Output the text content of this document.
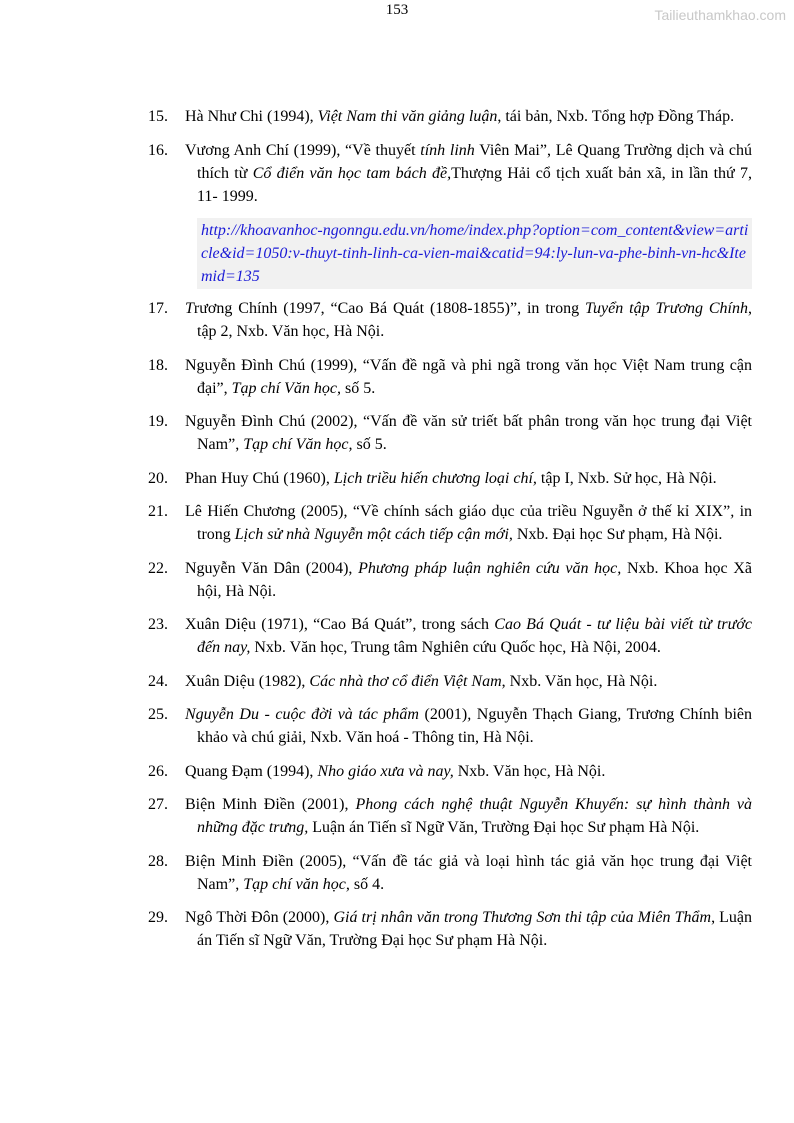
153	Tailieuthamkhao.com
15. Hà Như Chi (1994), Việt Nam thi văn giảng luận, tái bản, Nxb. Tổng hợp Đồng Tháp.
16. Vương Anh Chí (1999), “Về thuyết tính linh Viên Mai”, Lê Quang Trường dịch và chú thích từ Cổ điển văn học tam bách đề,Thượng Hải cổ tịch xuất bản xã, in lần thứ 7, 11- 1999.
http://khoavanhoc-ngonngu.edu.vn/home/index.php?option=com_content&view=article&id=1050:v-thuyt-tinh-linh-ca-vien-mai&catid=94:ly-lun-va-phe-binh-vn-hc&Itemid=135
17. Trương Chính (1997, “Cao Bá Quát (1808-1855)”, in trong Tuyển tập Trương Chính, tập 2, Nxb. Văn học, Hà Nội.
18. Nguyễn Đình Chú (1999), “Vấn đề ngã và phi ngã trong văn học Việt Nam trung cận đại”, Tạp chí Văn học, số 5.
19. Nguyễn Đình Chú (2002), “Vấn đề văn sử triết bất phân trong văn học trung đại Việt Nam”, Tạp chí Văn học, số 5.
20. Phan Huy Chú (1960), Lịch triều hiến chương loại chí, tập I, Nxb. Sử học, Hà Nội.
21. Lê Hiến Chương (2005), “Về chính sách giáo dục của triều Nguyễn ở thế kỉ XIX”, in trong Lịch sử nhà Nguyễn một cách tiếp cận mới, Nxb. Đại học Sư phạm, Hà Nội.
22. Nguyễn Văn Dân (2004), Phương pháp luận nghiên cứu văn học, Nxb. Khoa học Xã hội, Hà Nội.
23. Xuân Diệu (1971), “Cao Bá Quát”, trong sách Cao Bá Quát - tư liệu bài viết từ trước đến nay, Nxb. Văn học, Trung tâm Nghiên cứu Quốc học, Hà Nội, 2004.
24. Xuân Diệu (1982), Các nhà thơ cổ điển Việt Nam, Nxb. Văn học, Hà Nội.
25. Nguyễn Du - cuộc đời và tác phẩm (2001), Nguyễn Thạch Giang, Trương Chính biên khảo và chú giải, Nxb. Văn hoá - Thông tin, Hà Nội.
26. Quang Đạm (1994), Nho giáo xưa và nay, Nxb. Văn học, Hà Nội.
27. Biện Minh Điền (2001), Phong cách nghệ thuật Nguyễn Khuyến: sự hình thành và những đặc trưng, Luận án Tiến sĩ Ngữ Văn, Trường Đại học Sư phạm Hà Nội.
28. Biện Minh Điền (2005), “Vấn đề tác giả và loại hình tác giả văn học trung đại Việt Nam”, Tạp chí văn học, số 4.
29. Ngô Thời Đôn (2000), Giá trị nhân văn trong Thương Sơn thi tập của Miên Thẩm, Luận án Tiến sĩ Ngữ Văn, Trường Đại học Sư phạm Hà Nội.
